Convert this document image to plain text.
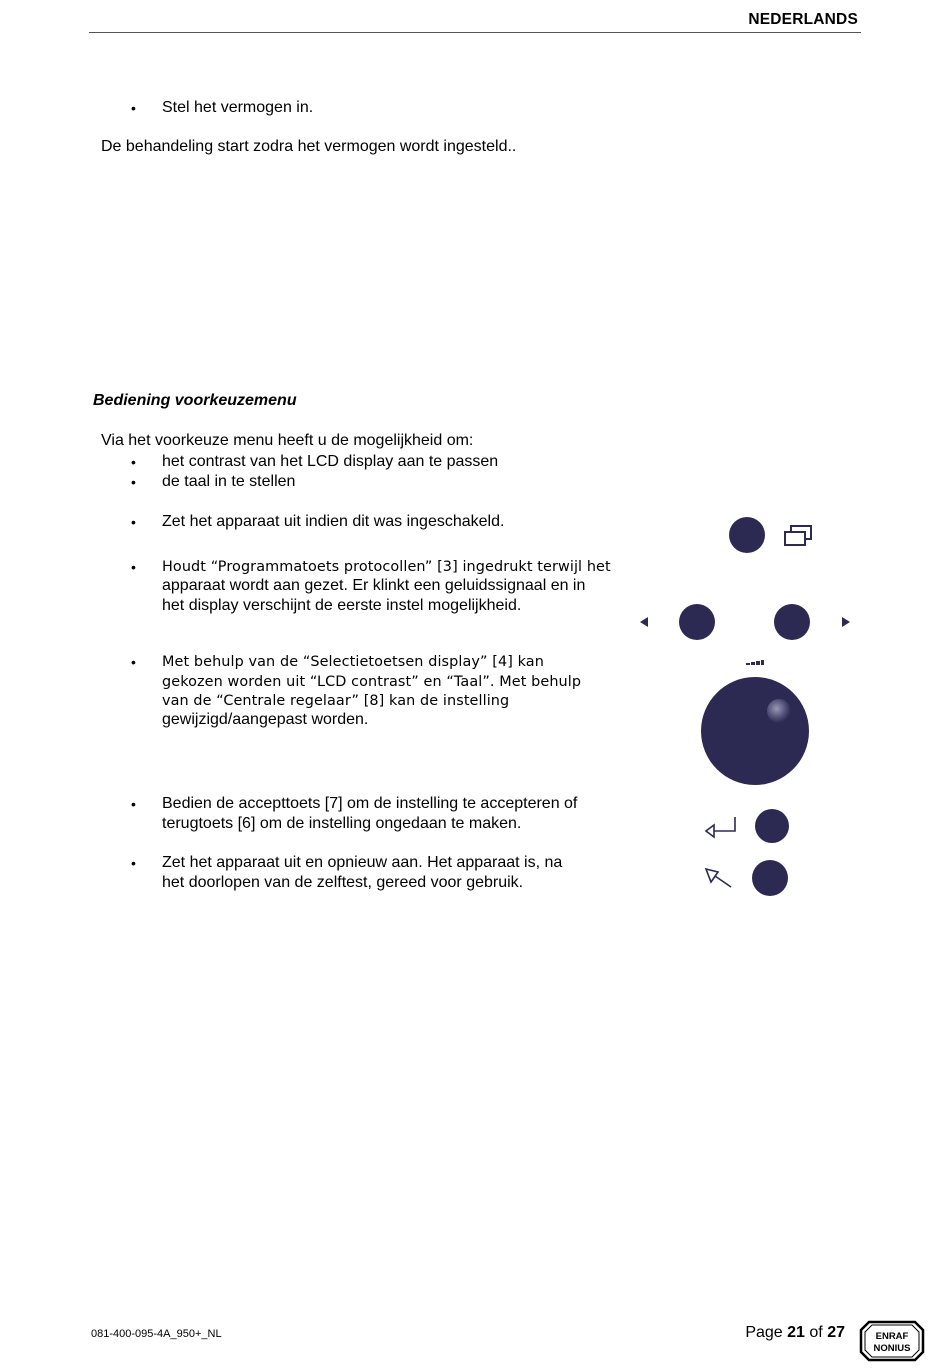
NEDERLANDS
• Stel het vermogen in.
De behandeling start zodra het vermogen wordt ingesteld..
Bediening voorkeuzemenu
Via het voorkeuze menu heeft u de mogelijkheid om:
• het contrast van het LCD display aan te passen
• de taal in te stellen
• Zet het apparaat uit indien dit was ingeschakeld.
• Houdt “Programmatoets protocollen” [3] ingedrukt terwijl het
apparaat wordt aan gezet. Er klinkt een geluidssignaal en in
het display verschijnt de eerste instel mogelijkheid.
• Met behulp van de “Selectietoetsen display” [4] kan
gekozen worden uit “LCD contrast” en “Taal”. Met behulp
van de “Centrale regelaar” [8] kan de instelling
gewijzigd/aangepast worden.
• Bedien de accepttoets [7] om de instelling te accepteren of
terugtoets [6] om de instelling ongedaan te maken.
• Zet het apparaat uit en opnieuw aan. Het apparaat is, na
het doorlopen van de zelftest, gereed voor gebruik.
081-400-095-4A_950+_NL	Page 21 of 27	ENRAF
NONIUS
